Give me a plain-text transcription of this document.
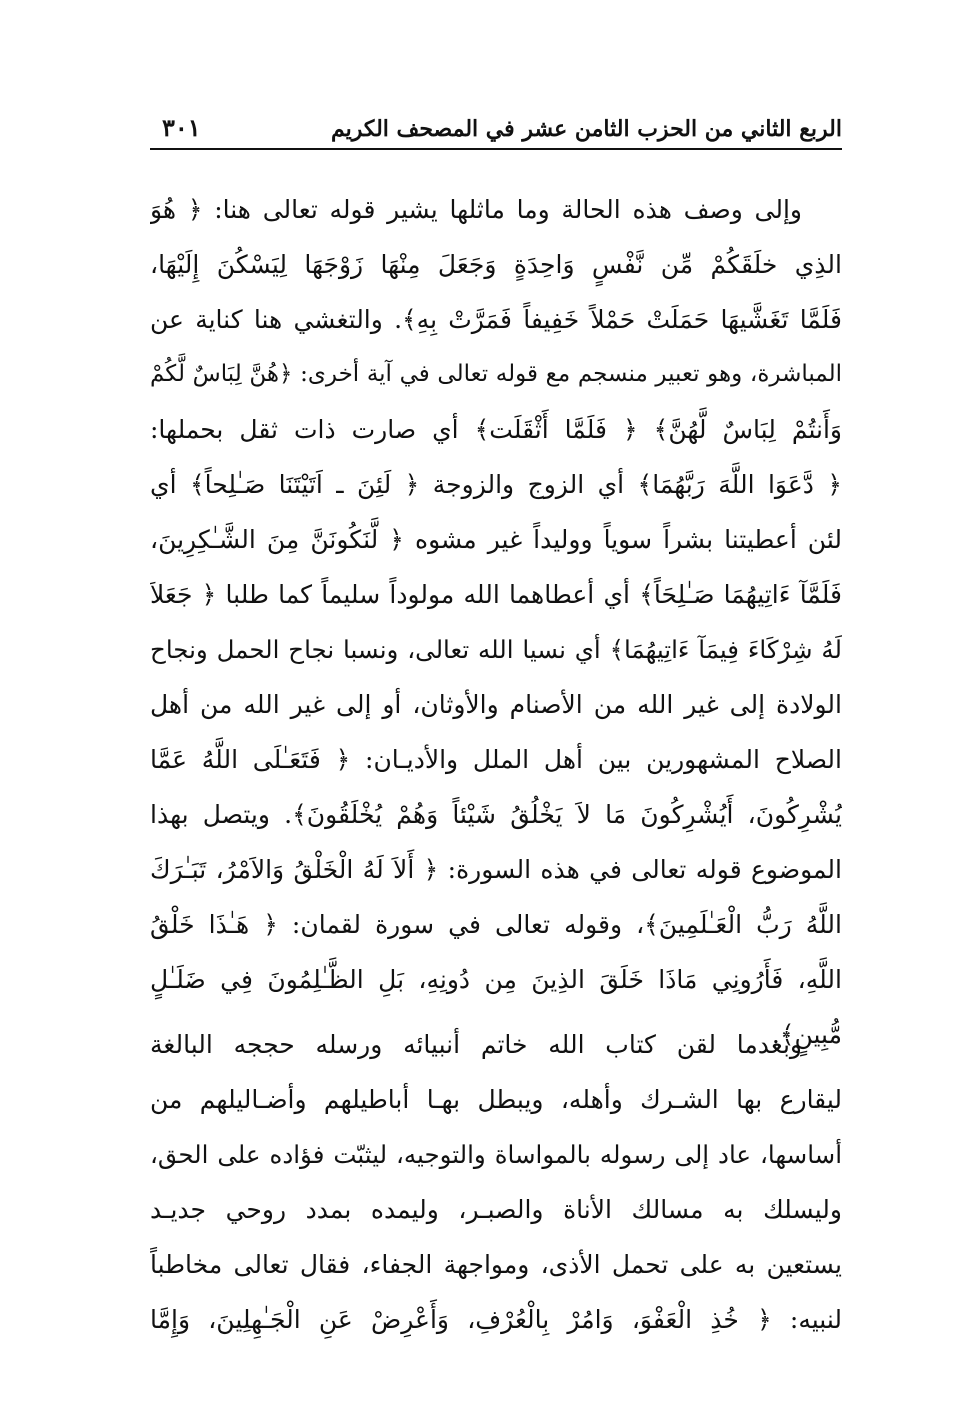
الربع الثاني من الحزب الثامن عشر في المصحف الكريم
٣٠١
وإلى وصف هذه الحالة وما ماثلها يشير قوله تعالى هنا: ﴿ هُوَ
الذِي خلَقَكُمْ مِّن نَّفْسٍ وَاحِدَةٍ وَجَعَلَ مِنْهَا زَوْجَهَا لِيَسْكُنَ إِلَيْهَا،
فَلَمَّا تَغَشَّيهَا حَمَلَتْ حَمْلاً خَفِيفاً فَمَرَّتْ بِهِ﴾. والتغشي هنا كناية عن
المباشرة، وهو تعبير منسجم مع قوله تعالى في آية أخرى: ﴿هُنَّ لِبَاسٌ لَّكُمْ
وَأَنتُمْ لِبَاسٌ لَّهُنَّ﴾ ﴿ فَلَمَّا أَثْقَلَت﴾ أي صارت ذات ثقل بحملها:
﴿ دَّعَوَا اللَّهَ رَبَّهُمَا﴾ أي الزوج والزوجة ﴿ لَئِنَ ـ اَتَيْتَنَا صَـٰلِحاً﴾ أي
لئن أعطيتنا بشراً سوياً ووليداً غير مشوه ﴿ لَّنَكُونَنَّ مِنَ الشَّـٰكِرِينَ،
فَلَمَّآ ءَاتِيهُمَا صَـٰلِحَاً﴾ أي أعطاهما الله مولوداً سليماً كما طلبا ﴿ جَعَلاَ
لَهُ شِرْكَاءَ فِيمَآ ءَاتِيهُمَا﴾ أي نسيا الله تعالى، ونسبا نجاح الحمل ونجاح
الولادة إلى غير الله من الأصنام والأوثان، أو إلى غير الله من أهل
الصلاح المشهورين بين أهل الملل والأديـان: ﴿ فَتَعَـٰلَى اللَّهُ عَمَّا
يُشْرِكُونَ، أَيُشْرِكُونَ مَا لاَ يَخْلُقُ شَيْئاً وَهُمْ يُخْلَقُونَ﴾. ويتصل بهذا
الموضوع قوله تعالى في هذه السورة: ﴿ أَلاَ لَهُ الْخَلْقُ وَالاَمْرُ، تَبَـٰرَكَ
اللَّهُ رَبُّ الْعَـٰلَمِينَ﴾، وقوله تعالى في سورة لقمان: ﴿ هَـٰذَا خَلْقُ
اللَّهِ، فَأَرُونِي مَاذَا خَلَقَ الذِينَ مِن دُونِهِ، بَلِ الظَّـٰلِمُونَ فِي ضَلَـٰلٍ
مُّبِينٍ﴾.
وبعدما لقن كتاب الله خاتم أنبيائه ورسله حججه البالغة
ليقارع بها الشـرك وأهله، ويبطل بهـا أباطيلهم وأضـاليلهم من
أساسها، عاد إلى رسوله بالمواساة والتوجيه، ليثبّت فؤاده على الحق،
وليسلك به مسالك الأناة والصبـر، وليمده بمدد روحي جديـد
يستعين به على تحمل الأذى، ومواجهة الجفاء، فقال تعالى مخاطباً
لنبيه: ﴿ خُذِ الْعَفْوَ، وَامُرْ بِالْعُرْفِ، وَأَعْرِضْ عَنِ الْجَـٰهِلِينَ، وَإِمَّا
